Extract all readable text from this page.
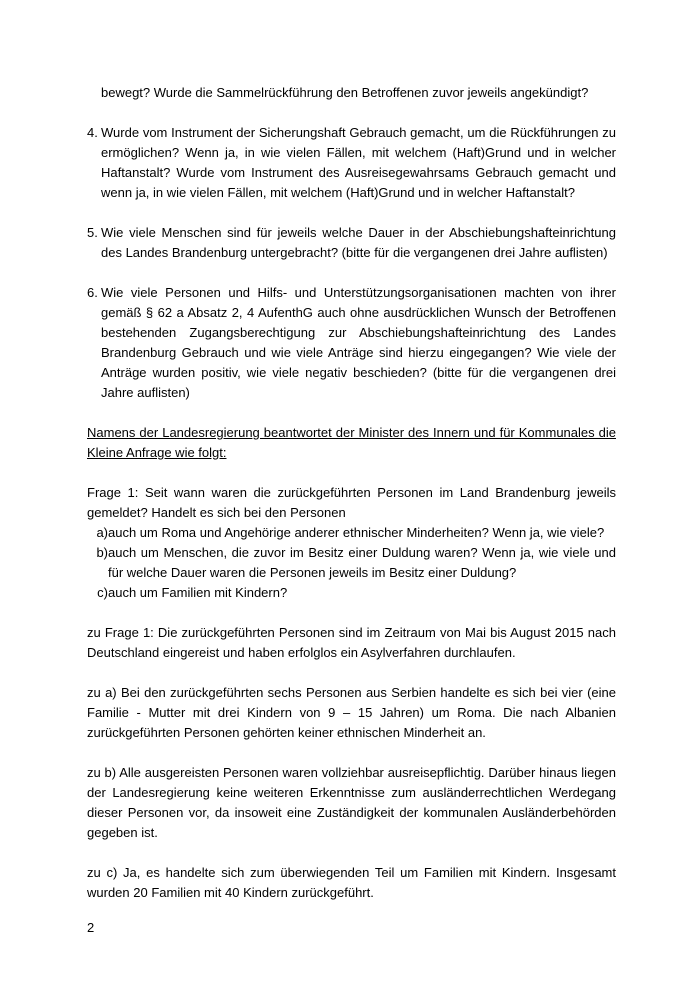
bewegt? Wurde die Sammelrückführung den Betroffenen zuvor jeweils angekündigt?

4. Wurde vom Instrument der Sicherungshaft Gebrauch gemacht, um die Rückführungen zu ermöglichen? Wenn ja, in wie vielen Fällen, mit welchem (Haft)Grund und in welcher Haftanstalt? Wurde vom Instrument des Ausreisegewahrsams Gebrauch gemacht und wenn ja, in wie vielen Fällen, mit welchem (Haft)Grund und in welcher Haftanstalt?
5. Wie viele Menschen sind für jeweils welche Dauer in der Abschiebungshafteinrichtung des Landes Brandenburg untergebracht? (bitte für die vergangenen drei Jahre auflisten)
6. Wie viele Personen und Hilfs- und Unterstützungsorganisationen machten von ihrer gemäß § 62 a Absatz 2, 4 AufenthG auch ohne ausdrücklichen Wunsch der Betroffenen bestehenden Zugangsberechtigung zur Abschiebungshafteinrichtung des Landes Brandenburg Gebrauch und wie viele Anträge sind hierzu eingegangen? Wie viele der Anträge wurden positiv, wie viele negativ beschieden? (bitte für die vergangenen drei Jahre auflisten)

Namens der Landesregierung beantwortet der Minister des Innern und für Kommunales die Kleine Anfrage wie folgt:

Frage 1: Seit wann waren die zurückgeführten Personen im Land Brandenburg jeweils gemeldet? Handelt es sich bei den Personen

a) auch um Roma und Angehörige anderer ethnischer Minderheiten? Wenn ja, wie viele?
b) auch um Menschen, die zuvor im Besitz einer Duldung waren? Wenn ja, wie viele und für welche Dauer waren die Personen jeweils im Besitz einer Duldung?
c) auch um Familien mit Kindern?

zu Frage 1: Die zurückgeführten Personen sind im Zeitraum von Mai bis August 2015 nach Deutschland eingereist und haben erfolglos ein Asylverfahren durchlaufen.

zu a) Bei den zurückgeführten sechs Personen aus Serbien handelte es sich bei vier (eine Familie - Mutter mit drei Kindern von 9 – 15 Jahren) um Roma. Die nach Albanien zurückgeführten Personen gehörten keiner ethnischen Minderheit an.

zu b) Alle ausgereisten Personen waren vollziehbar ausreisepflichtig. Darüber hinaus liegen der Landesregierung keine weiteren Erkenntnisse zum ausländerrechtlichen Werdegang dieser Personen vor, da insoweit eine Zuständigkeit der kommunalen Ausländerbehörden gegeben ist.

zu c) Ja, es handelte sich zum überwiegenden Teil um Familien mit Kindern. Insgesamt wurden 20 Familien mit 40 Kindern zurückgeführt.

2
